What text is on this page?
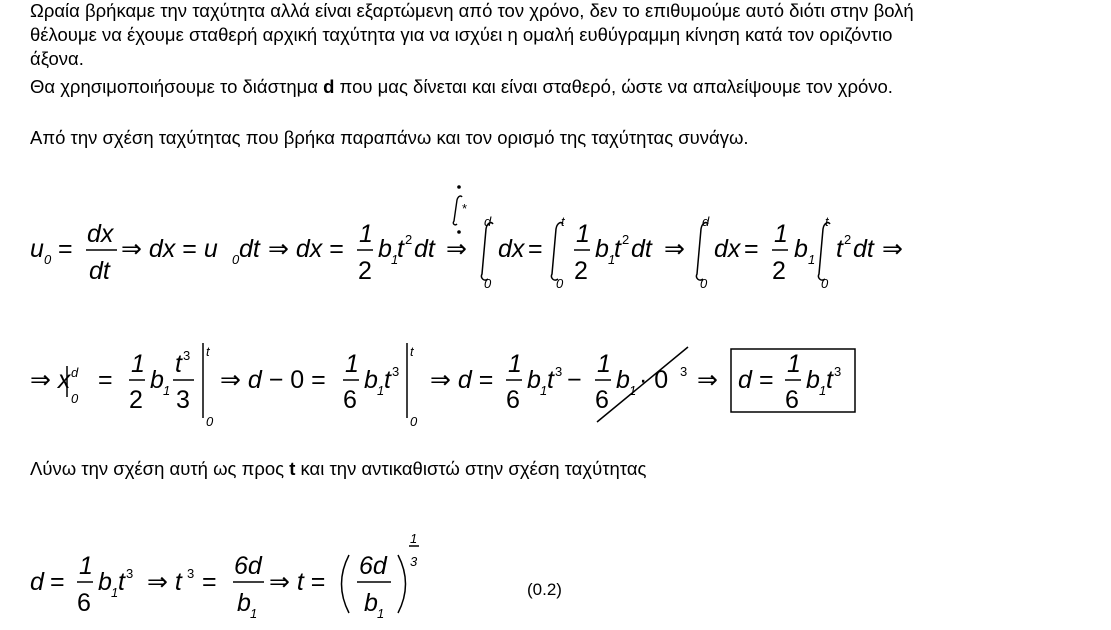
Ωραία βρήκαμε την ταχύτητα αλλά είναι εξαρτώμενη από τον χρόνο, δεν το επιθυμούμε αυτό διότι στην βολή

θέλουμε να έχουμε σταθερή αρχική ταχύτητα για να ισχύει η ομαλή ευθύγραμμη κίνηση κατά τον οριζόντιο

άξονα.

Θα χρησιμοποιήσουμε το διάστημα d που μας δίνεται και είναι σταθερό, ώστε να απαλείψουμε τον χρόνο.

Από την σχέση ταχύτητας που βρήκα παραπάνω και τον ορισμό της ταχύτητας συνάγω.

Λύνω την σχέση αυτή ως προς t και την αντικαθιστώ στην σχέση ταχύτητας

*
u 0 =
dx
dt
⇒ dx = u 0 dt ⇒ dx =
1
2
b 1
t 2 dt ⇒
d
0
dx =
t
0
1
2
b 1
t 2 dt ⇒
d
0
dx =
1
2
b 1
t
0
t 2 dt ⇒
⇒ x d
0
=
1
2
b 1
t 3
3
t
0
⇒ d − 0 =
1
6
b 1 t 3
t
0
⇒ d =
1
6
b 1 t 3 −
1
6
b 1 · 0 3 ⇒ d =
1
6
b 1 t 3
d =
1
6
b 1 t 3 ⇒ t 3 =
6d
b 1
⇒ t =
6d
b 1
1
3
(0.2)
